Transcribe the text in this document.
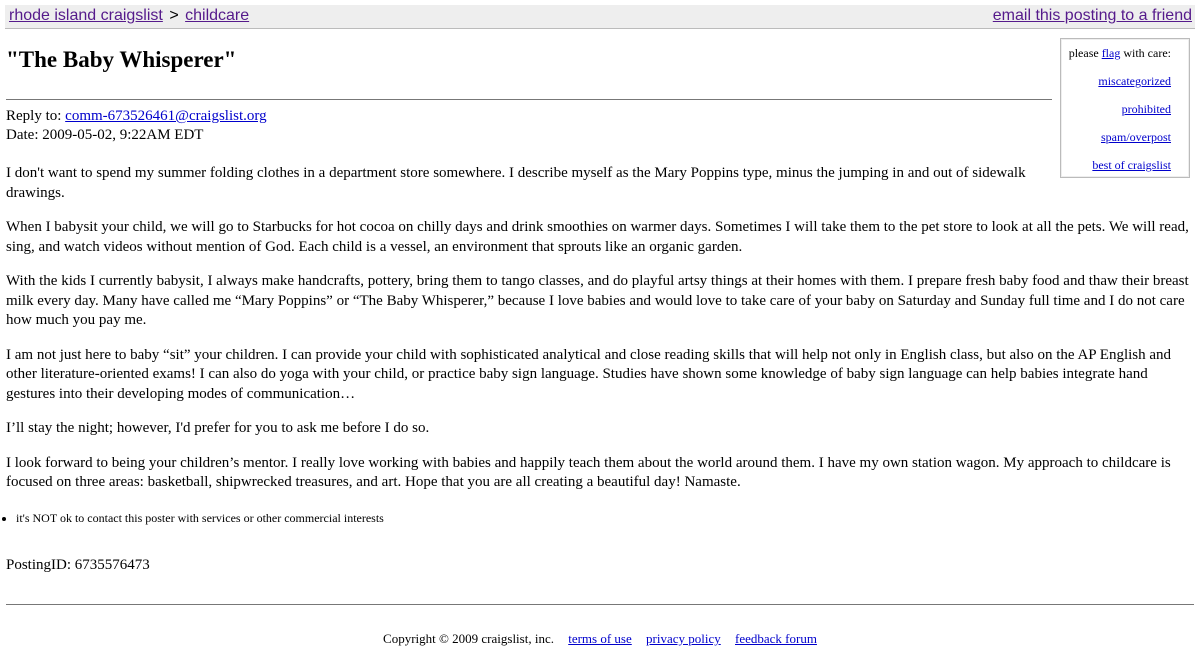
rhode island craigslist > childcare	email this posting to a friend
please flag with care:
miscategorized
prohibited
spam/overpost
best of craigslist
"The Baby Whisperer"
Reply to: comm-673526461@craigslist.org
Date: 2009-05-02, 9:22AM EDT

I don't want to spend my summer folding clothes in a department store somewhere. I describe myself as the Mary Poppins type, minus the jumping in and out of sidewalk drawings.

When I babysit your child, we will go to Starbucks for hot cocoa on chilly days and drink smoothies on warmer days. Sometimes I will take them to the pet store to look at all the pets. We will read, sing, and watch videos without mention of God. Each child is a vessel, an environment that sprouts like an organic garden.

With the kids I currently babysit, I always make handcrafts, pottery, bring them to tango classes, and do playful artsy things at their homes with them. I prepare fresh baby food and thaw their breast milk every day. Many have called me “Mary Poppins” or “The Baby Whisperer,” because I love babies and would love to take care of your baby on Saturday and Sunday full time and I do not care how much you pay me.

I am not just here to baby “sit” your children. I can provide your child with sophisticated analytical and close reading skills that will help not only in English class, but also on the AP English and other literature-oriented exams! I can also do yoga with your child, or practice baby sign language. Studies have shown some knowledge of baby sign language can help babies integrate hand gestures into their developing modes of communication…

I’ll stay the night; however, I'd prefer for you to ask me before I do so.

I look forward to being your children’s mentor. I really love working with babies and happily teach them about the world around them. I have my own station wagon. My approach to childcare is focused on three areas: basketball, shipwrecked treasures, and art. Hope that you are all creating a beautiful day! Namaste.

• it's NOT ok to contact this poster with services or other commercial interests
PostingID: 6735576473
Copyright © 2009 craigslist, inc. terms of use privacy policy feedback forum
